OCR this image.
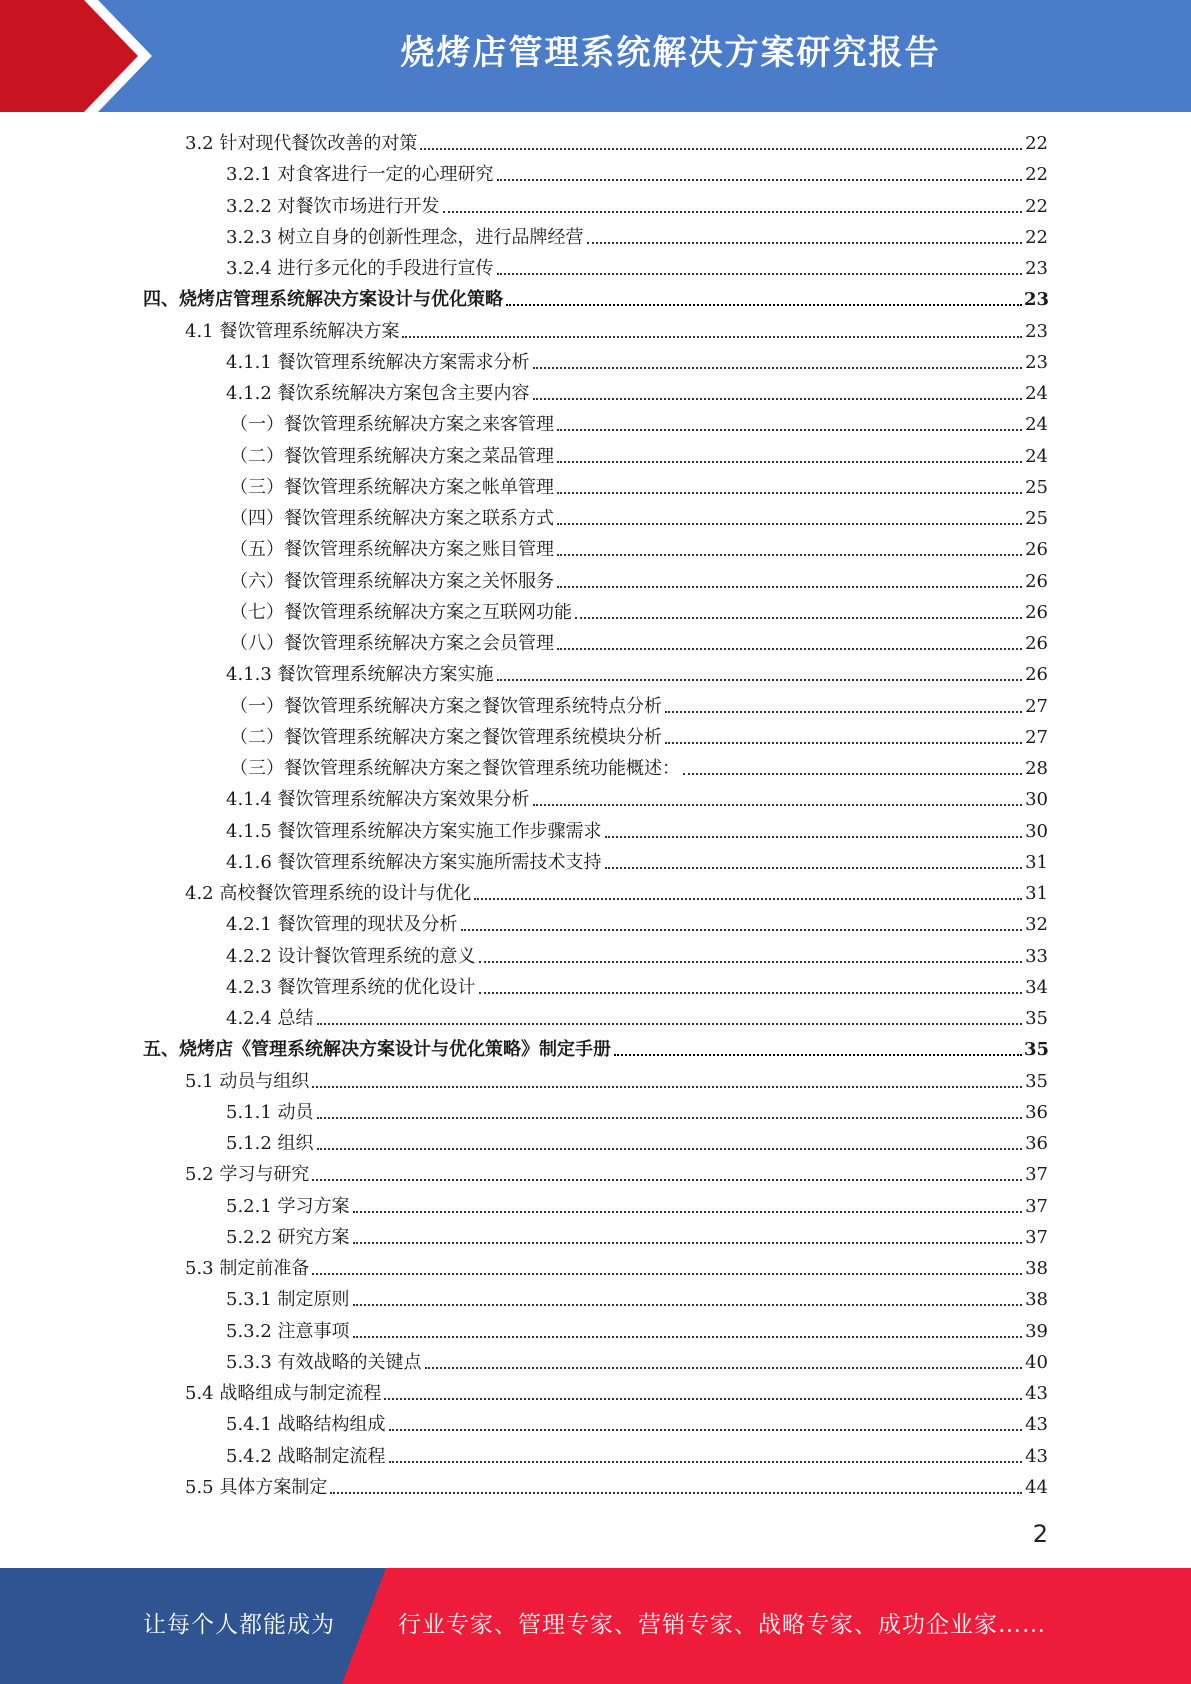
烧烤店管理系统解决方案研究报告
3.2 针对现代餐饮改善的对策	22
3.2.1 对食客进行一定的心理研究	22
3.2.2 对餐饮市场进行开发	22
3.2.3 树立自身的创新性理念，进行品牌经营	22
3.2.4 进行多元化的手段进行宣传	23
四、烧烤店管理系统解决方案设计与优化策略	23
4.1 餐饮管理系统解决方案	23
4.1.1 餐饮管理系统解决方案需求分析	23
4.1.2 餐饮系统解决方案包含主要内容	24
（一）餐饮管理系统解决方案之来客管理	24
（二）餐饮管理系统解决方案之菜品管理	24
（三）餐饮管理系统解决方案之帐单管理	25
（四）餐饮管理系统解决方案之联系方式	25
（五）餐饮管理系统解决方案之账目管理	26
（六）餐饮管理系统解决方案之关怀服务	26
（七）餐饮管理系统解决方案之互联网功能	26
（八）餐饮管理系统解决方案之会员管理	26
4.1.3 餐饮管理系统解决方案实施	26
（一）餐饮管理系统解决方案之餐饮管理系统特点分析	27
（二）餐饮管理系统解决方案之餐饮管理系统模块分析	27
（三）餐饮管理系统解决方案之餐饮管理系统功能概述：	28
4.1.4 餐饮管理系统解决方案效果分析	30
4.1.5 餐饮管理系统解决方案实施工作步骤需求	30
4.1.6 餐饮管理系统解决方案实施所需技术支持	31
4.2 高校餐饮管理系统的设计与优化	31
4.2.1 餐饮管理的现状及分析	32
4.2.2 设计餐饮管理系统的意义	33
4.2.3 餐饮管理系统的优化设计	34
4.2.4 总结	35
五、烧烤店《管理系统解决方案设计与优化策略》制定手册	35
5.1 动员与组织	35
5.1.1 动员	36
5.1.2 组织	36
5.2 学习与研究	37
5.2.1 学习方案	37
5.2.2 研究方案	37
5.3 制定前准备	38
5.3.1 制定原则	38
5.3.2 注意事项	39
5.3.3 有效战略的关键点	40
5.4 战略组成与制定流程	43
5.4.1 战略结构组成	43
5.4.2 战略制定流程	43
5.5 具体方案制定	44
2
让每个人都能成为	行业专家、管理专家、营销专家、战略专家、成功企业家……
